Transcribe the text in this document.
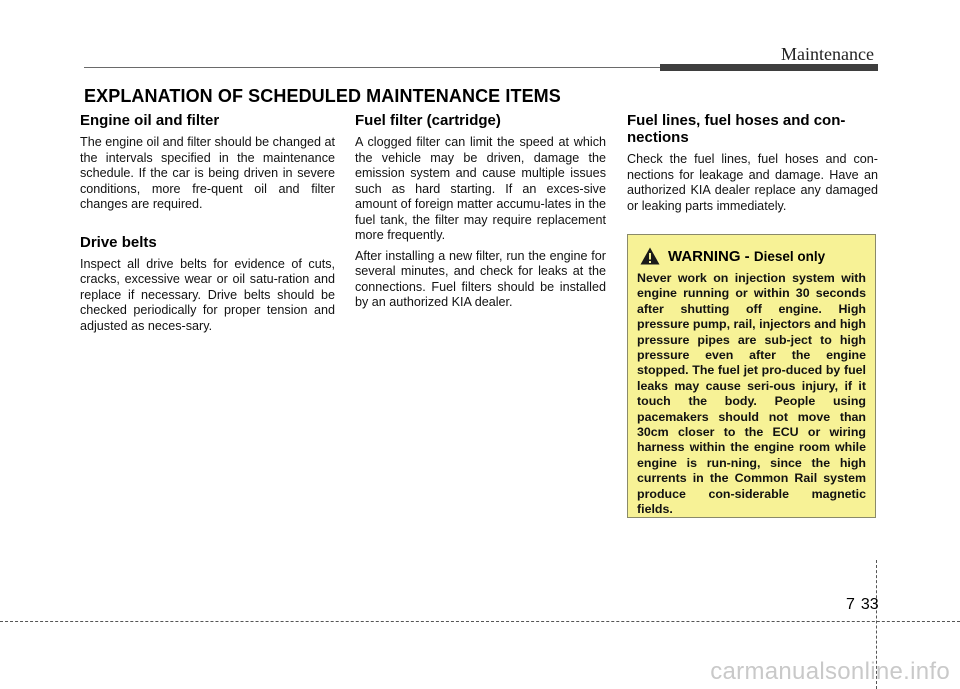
Maintenance
EXPLANATION OF SCHEDULED MAINTENANCE ITEMS
Engine oil and filter

The engine oil and filter should be changed at the intervals specified in the maintenance schedule. If the car is being driven in severe conditions, more fre-quent oil and filter changes are required.

Drive belts

Inspect all drive belts for evidence of cuts, cracks, excessive wear or oil satu-ration and replace if necessary. Drive belts should be checked periodically for proper tension and adjusted as neces-sary.

Fuel filter (cartridge)

A clogged filter can limit the speed at which the vehicle may be driven, damage the emission system and cause multiple issues such as hard starting. If an exces-sive amount of foreign matter accumu-lates in the fuel tank, the filter may require replacement more frequently.

After installing a new filter, run the engine for several minutes, and check for leaks at the connections. Fuel filters should be installed by an authorized KIA dealer.

Fuel lines, fuel hoses and con-nections

Check the fuel lines, fuel hoses and con-nections for leakage and damage. Have an authorized KIA dealer replace any damaged or leaking parts immediately.

WARNING - Diesel only

Never work on injection system with engine running or within 30 seconds after shutting off engine. High pressure pump, rail, injectors and high pressure pipes are sub-ject to high pressure even after the engine stopped. The fuel jet pro-duced by fuel leaks may cause seri-ous injury, if it touch the body. People using pacemakers should not move than 30cm closer to the ECU or wiring harness within the engine room while engine is run-ning, since the high currents in the Common Rail system produce con-siderable magnetic fields.

7 33
carmanualsonline.info
